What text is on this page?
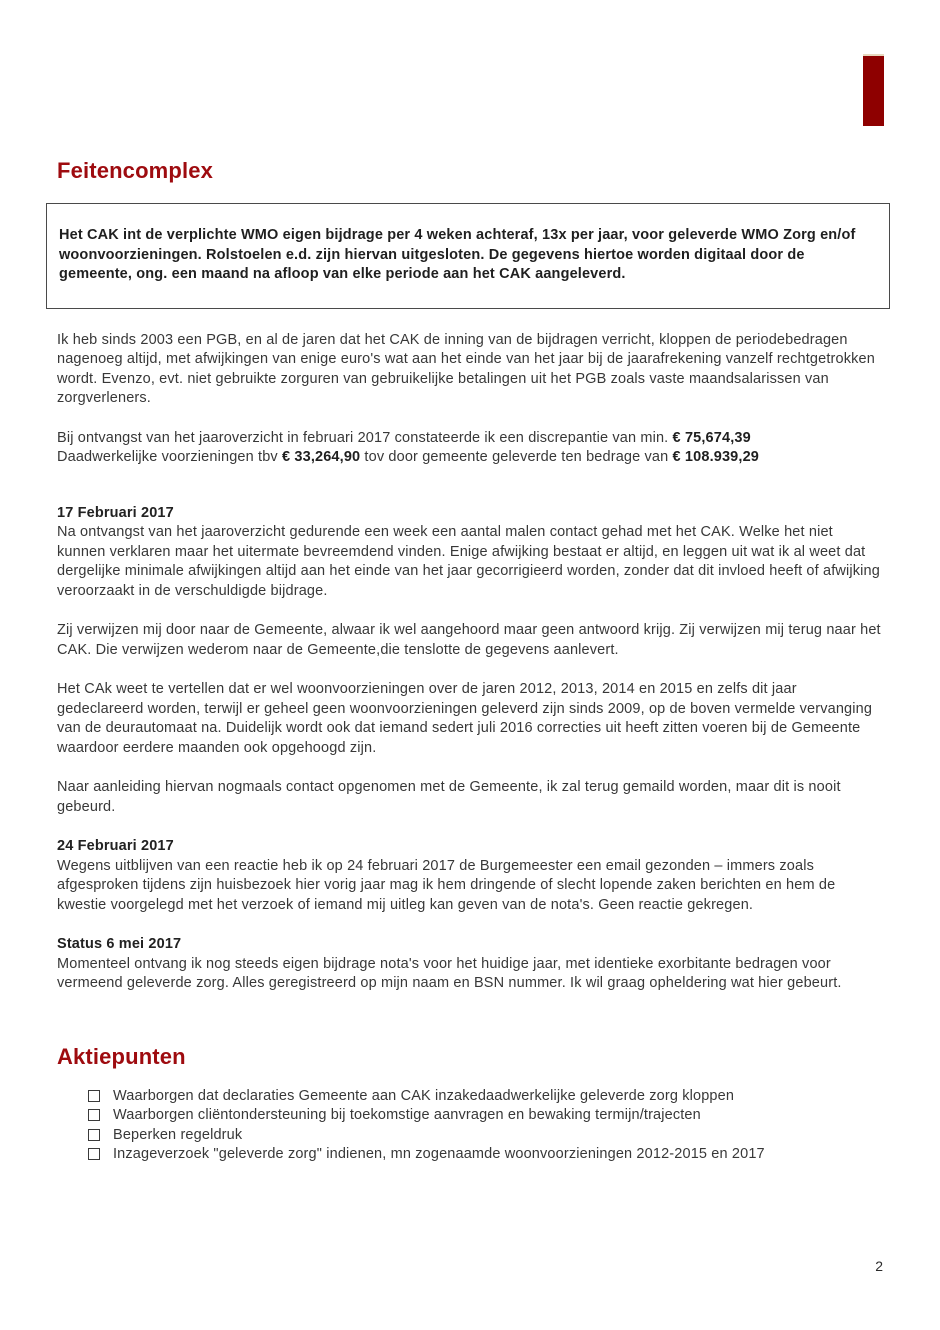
Feitencomplex
Het CAK int de verplichte WMO eigen bijdrage per 4 weken achteraf, 13x per jaar, voor geleverde WMO Zorg en/of woonvoorzieningen. Rolstoelen e.d. zijn hiervan uitgesloten. De gegevens hiertoe worden digitaal door de gemeente, ong. een maand na afloop van elke periode aan het CAK aangeleverd.

Ik heb sinds 2003 een PGB, en al de jaren dat het CAK de inning van de bijdragen verricht, kloppen de periodebedragen nagenoeg altijd, met afwijkingen van enige euro's wat aan het einde van het jaar bij de jaarafrekening vanzelf rechtgetrokken wordt. Evenzo, evt. niet gebruikte zorguren van gebruikelijke betalingen uit het PGB zoals vaste maandsalarissen van zorgverleners.

Bij ontvangst van het jaaroverzicht in februari 2017 constateerde ik een discrepantie van min. € 75,674,39
Daadwerkelijke voorzieningen tbv € 33,264,90 tov door gemeente geleverde ten bedrage van € 108.939,29

17 Februari 2017

Na ontvangst van het jaaroverzicht gedurende een week een aantal malen contact gehad met het CAK. Welke het niet kunnen verklaren maar het uitermate bevreemdend vinden. Enige afwijking bestaat er altijd, en leggen uit wat ik al weet dat dergelijke minimale afwijkingen altijd aan het einde van het jaar gecorrigieerd worden, zonder dat dit invloed heeft of afwijking veroorzaakt in de verschuldigde bijdrage.

Zij verwijzen mij door naar de Gemeente, alwaar ik wel aangehoord maar geen antwoord krijg. Zij verwijzen mij terug naar het CAK. Die verwijzen wederom naar de Gemeente,die tenslotte de gegevens aanlevert.

Het CAk weet te vertellen dat er wel woonvoorzieningen over de jaren 2012, 2013, 2014 en 2015 en zelfs dit jaar gedeclareerd worden, terwijl er geheel geen woonvoorzieningen geleverd zijn sinds 2009, op de boven vermelde vervanging van de deurautomaat na. Duidelijk wordt ook dat iemand sedert juli 2016 correcties uit heeft zitten voeren bij de Gemeente waardoor eerdere maanden ook opgehoogd zijn.

Naar aanleiding hiervan nogmaals contact opgenomen met de Gemeente, ik zal terug gemaild worden, maar dit is nooit gebeurd.

24 Februari 2017

Wegens uitblijven van een reactie heb ik op 24 februari 2017 de Burgemeester een email gezonden – immers zoals afgesproken tijdens zijn huisbezoek hier vorig jaar mag ik hem dringende of slecht lopende zaken berichten en hem de kwestie voorgelegd met het verzoek of iemand mij uitleg kan geven van de nota's. Geen reactie gekregen.

Status 6 mei 2017

Momenteel ontvang ik nog steeds eigen bijdrage nota's voor het huidige jaar, met identieke exorbitante bedragen voor vermeend geleverde zorg. Alles geregistreerd op mijn naam en BSN nummer. Ik wil graag opheldering wat hier gebeurt.

Aktiepunten
Waarborgen dat declaraties Gemeente aan CAK inzakedaadwerkelijke geleverde zorg kloppen
Waarborgen cliëntondersteuning bij toekomstige aanvragen en bewaking termijn/trajecten
Beperken regeldruk
Inzageverzoek "geleverde zorg" indienen, mn zogenaamde woonvoorzieningen 2012-2015 en 2017
2
